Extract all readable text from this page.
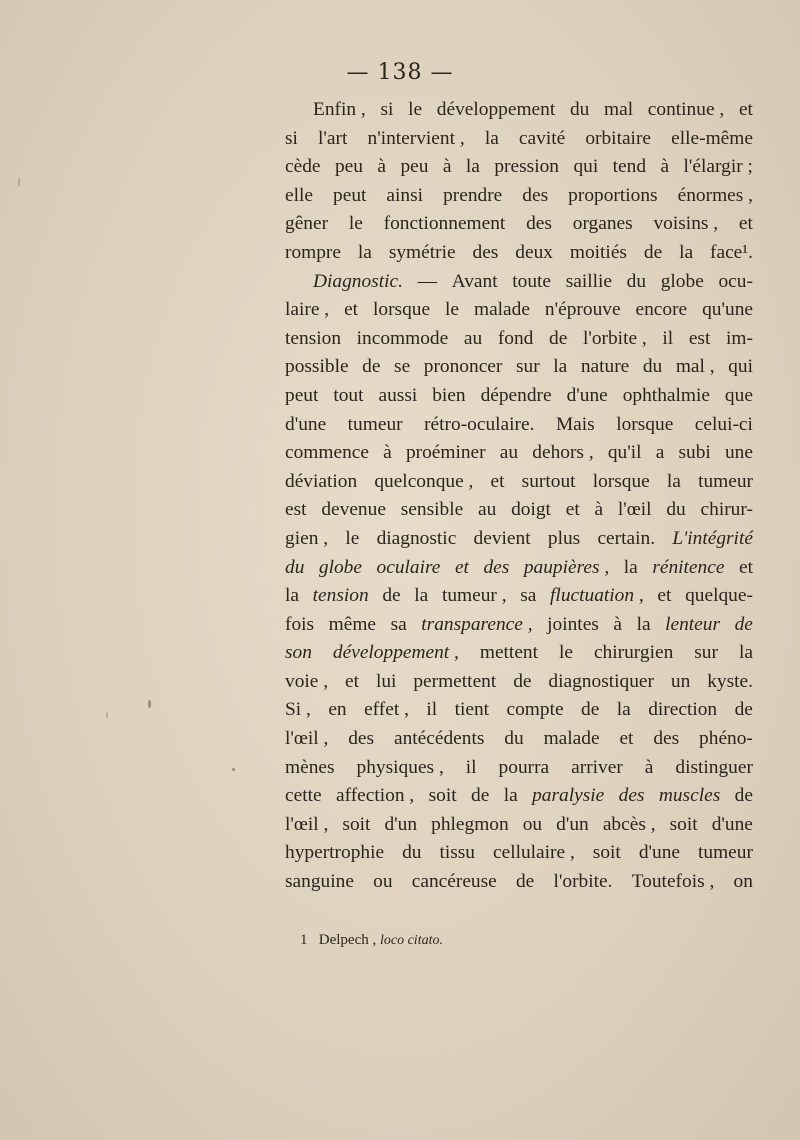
— 138 —
Enfin , si le développement du mal continue , et
si l'art n'intervient , la cavité orbitaire elle-même
cède peu à peu à la pression qui tend à l'élargir ;
elle peut ainsi prendre des proportions énormes ,
gêner le fonctionnement des organes voisins , et
rompre la symétrie des deux moitiés de la face¹.
Diagnostic. — Avant toute saillie du globe ocu-
laire , et lorsque le malade n'éprouve encore qu'une
tension incommode au fond de l'orbite , il est im-
possible de se prononcer sur la nature du mal , qui
peut tout aussi bien dépendre d'une ophthalmie que
d'une tumeur rétro-oculaire. Mais lorsque celui-ci
commence à proéminer au dehors , qu'il a subi une
déviation quelconque , et surtout lorsque la tumeur
est devenue sensible au doigt et à l'œil du chirur-
gien , le diagnostic devient plus certain. L'intégrité
du globe oculaire et des paupières , la rénitence et
la tension de la tumeur , sa fluctuation , et quelque-
fois même sa transparence , jointes à la lenteur de
son développement , mettent le chirurgien sur la
voie , et lui permettent de diagnostiquer un kyste.
Si , en effet , il tient compte de la direction de
l'œil , des antécédents du malade et des phéno-
mènes physiques , il pourra arriver à distinguer
cette affection , soit de la paralysie des muscles de
l'œil , soit d'un phlegmon ou d'un abcès , soit d'une
hypertrophie du tissu cellulaire , soit d'une tumeur
sanguine ou cancéreuse de l'orbite. Toutefois , on
1 Delpech , loco citato.
